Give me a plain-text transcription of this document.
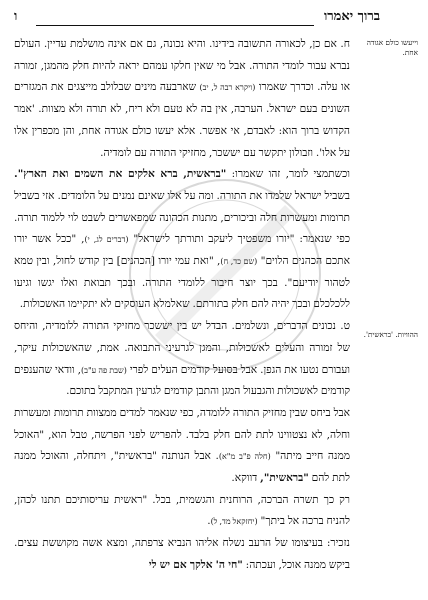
ברוך יאמרו
ו
וייעשו כולם אגודה אחת.
ההוויות. 'בראשית'.

ח. אם כן, לכאורה התשובה בידינו. והיא נכונה, גם אם אינה מושלמת עדיין. העולם נברא עבור לומדי התורה. אבל מי שאין חלקו עמהם יראה להיות חלק מהמגן, זמורה או עלה. וכדרך שאמרו (ויקרא רבה ל, יב) שארבעה מינים שבלולב מייצגים את המגזרים השונים בעם ישראל. הערבה, אין בה לא טעם ולא ריח, לא תורה ולא מצוות. 'אמר הקדוש ברוך הוא: לאבדם, אי אפשר. אלא יעשו כולם אגודה אחת, והן מכפרין אלו על אלו'. וזבולון יתקשר עם יששכר, מחזיקי התורה עם לומדיה.

וכשתמצי לומר, זהו שאמרו: "בראשית, ברא אלקים את השמים ואת הארץ". בשביל ישראל שלמדו את התורה. ומה על אלו שאינם נמנים על הלומדים. אזי בשביל תרומות ומעשרות חלה וביכורים, מתנות הכהונה שמפאשרים לשבט לוי ללמוד תורה. כפי שנאמר: "יורו משפטיך ליעקב ותורתך לישראל" (דברים לג, י), "ככל אשר יורו אתכם הכהנים הלוים" (שם כד, ח), "ואת עמי יורו [הכהנים] בין קודש לחול, ובין טמא לטהור יודיעם". בכך יוצר חיבור ללומדי התורה. ובכך תבואת ואלו יגשו וגיעו ללכלכלם ובכך יהיה להם חלק בתורתם. שאלמלא העוסקים לא יתקיימו האשכולות.

ט. נכונים הדברים, ונשלמים. הבדל יש בין יששכר מחזיקי התורה ללומדיה, והיחס של זמורה והעלים לאשכולות, והמגן לגרעיני התבואה. אמת, שהאשכולות עיקר, ועבורם נטעו את הגפן. אבל בסועל קודמים העלים לפרי (שבת פה ע"ב), וודאי שהענפים קודמים לאשכולות והגבעול המגן והתבן קודמים לגרעין המתקבל בתוכם.

אבל ביחס שבין מחזיק התורה ללומדה, כפי שנאמר למדים ממצוות תרומות ומעשרות וחלה, לא נצטווינו לתת להם חלק בלבד. להפריש לפני הפרשה, טבל הוא, "האוכל ממנה חייב מיתה" (חלה פ"ב מ"א). אבל הנותנה "בראשית", ויתחלה, והאוכל ממנה לתת להם "בראשית", דווקא.

רק כך תשרה הברכה, הרוחנית והגשמית, בכל. "ראשית עריסותיכם תתנו לכהן, להניח ברכה אל ביתך" (יחזקאל מד, ל).

נזכיר: בעיצומו של הרעב נשלח אליהו הנביא צרפתה, ומצא אשה מקוששת עצים. ביקש ממנה אוכל, ועכתה: "חי ה' אלקך אם יש לי
